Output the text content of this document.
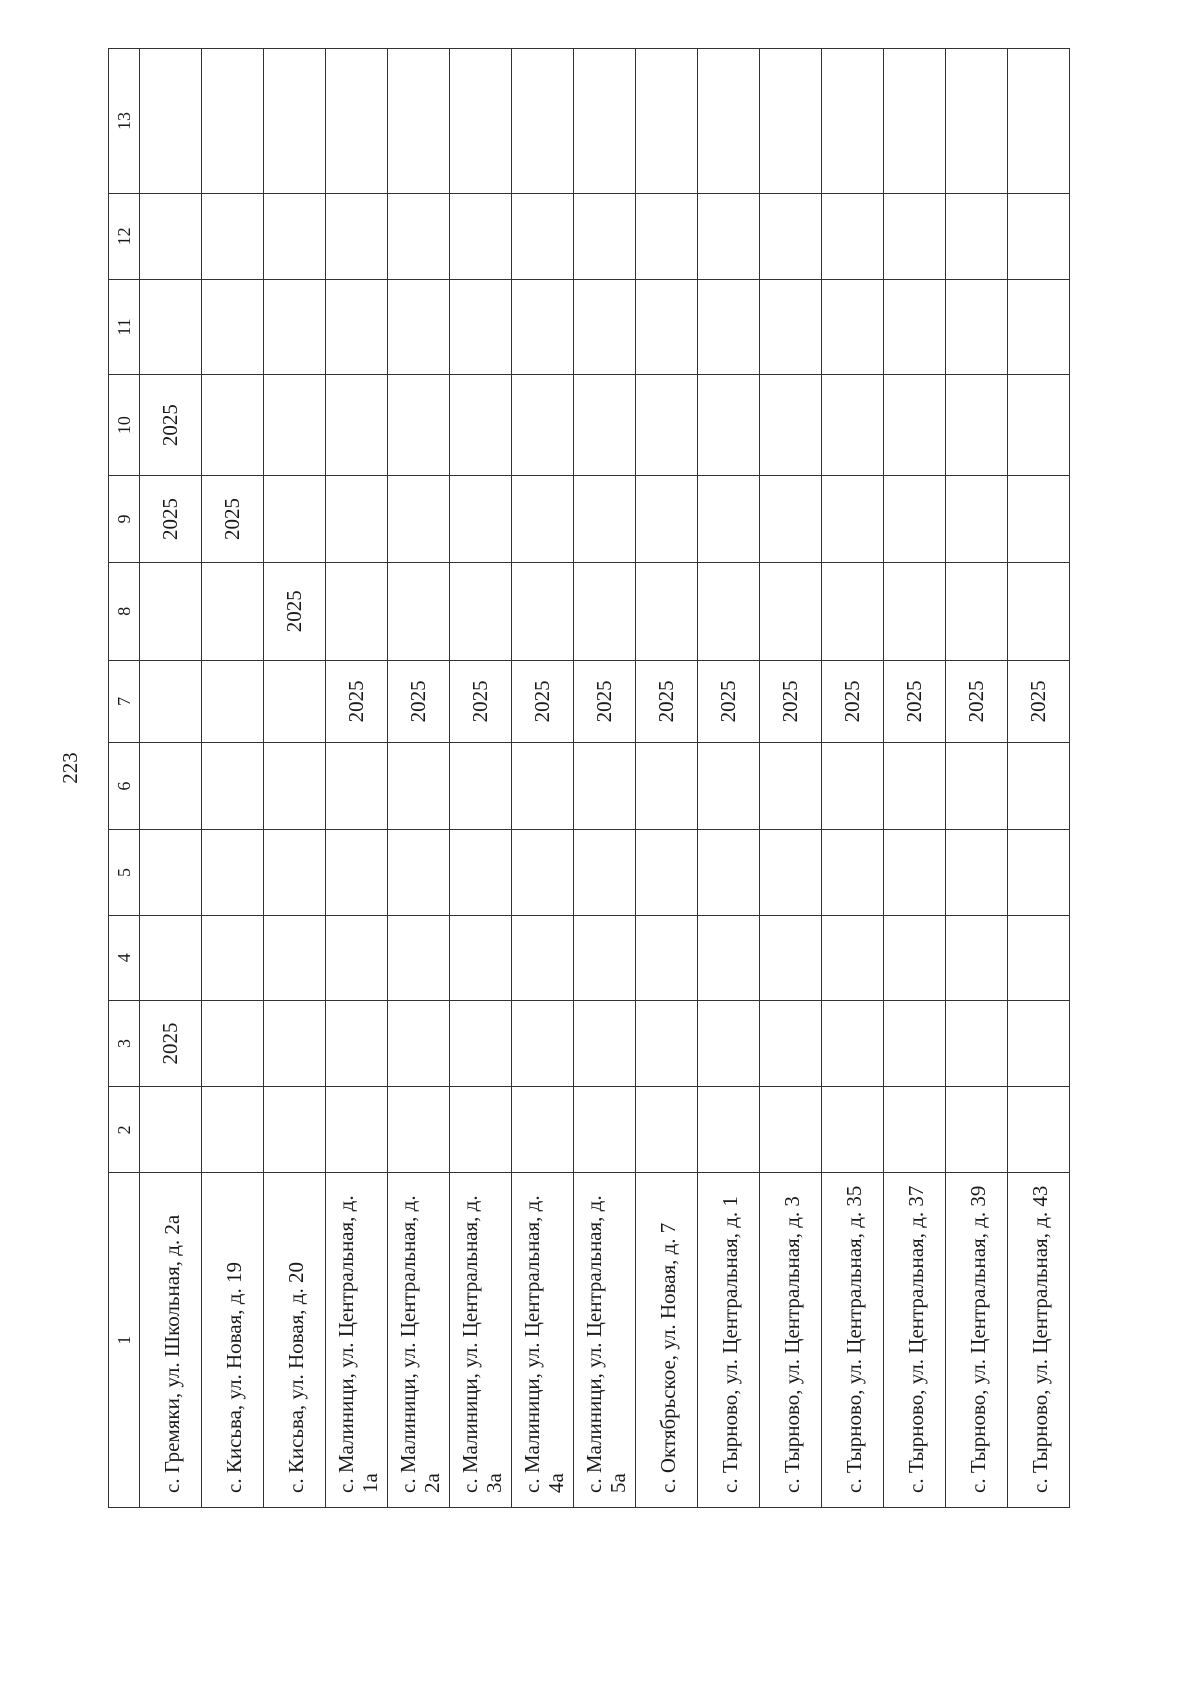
223
1	2	3	4	5	6	7	8	9	10	11	12	13
с. Гремяки, ул. Школьная, д. 2а		2025						2025	2025			
с. Кисьва, ул. Новая, д. 19								2025				
с. Кисьва, ул. Новая, д. 20							2025					
с. Малиници, ул. Центральная, д. 1а						2025						
с. Малиници, ул. Центральная, д. 2а						2025						
с. Малиници, ул. Центральная, д. 3а						2025						
с. Малиници, ул. Центральная, д. 4а						2025						
с. Малиници, ул. Центральная, д. 5а						2025						
с. Октябрьское, ул. Новая, д. 7						2025						
с. Тырново, ул. Центральная, д. 1						2025						
с. Тырново, ул. Центральная, д. 3						2025						
с. Тырново, ул. Центральная, д. 35						2025						
с. Тырново, ул. Центральная, д. 37						2025						
с. Тырново, ул. Центральная, д. 39						2025						
с. Тырново, ул. Центральная, д. 43						2025						
